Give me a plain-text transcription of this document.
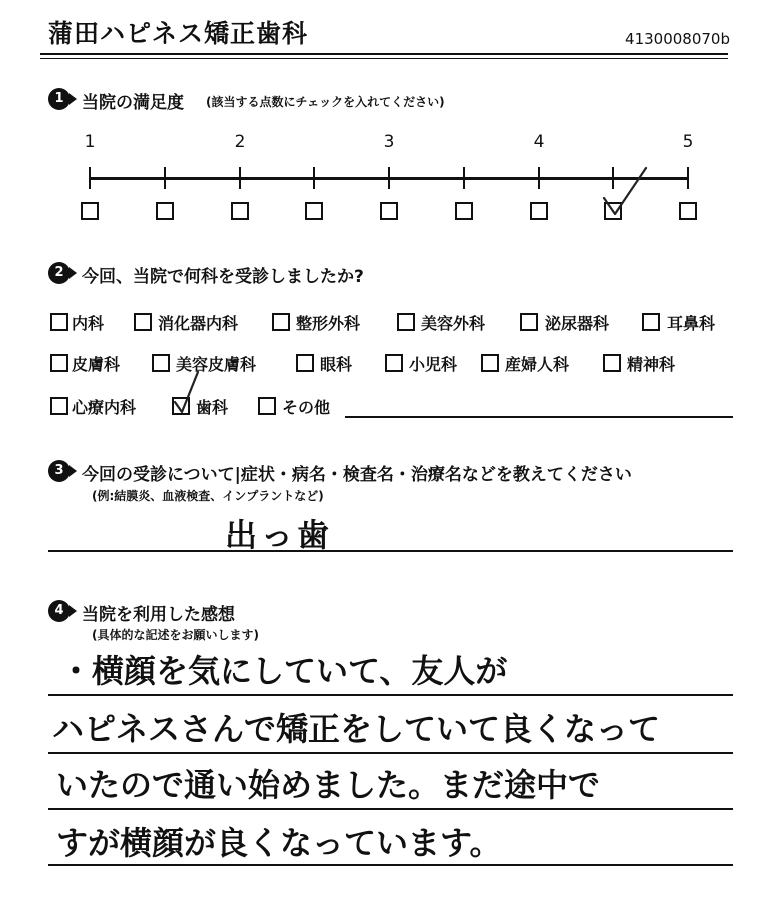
蒲田ハピネス矯正歯科	4130008070b
1	当院の満足度 (該当する点数にチェックを入れてください)
1	2	3	4	5
2	今回、当院で何科を受診しましたか?
内科	消化器内科	整形外科	美容外科	泌尿器科	耳鼻科
皮膚科	美容皮膚科	眼科	小児科	産婦人科	精神科
心療内科	歯科	その他
3	今回の受診について|症状・病名・検査名・治療名などを教えてください
(例:結膜炎、血液検査、インプラントなど)
出っ歯
4	当院を利用した感想
(具体的な記述をお願いします)
・横顔を気にしていて、友人が
ハピネスさんで矯正をしていて良くなって
いたので通い始めました。まだ途中で
すが横顔が良くなっています。
